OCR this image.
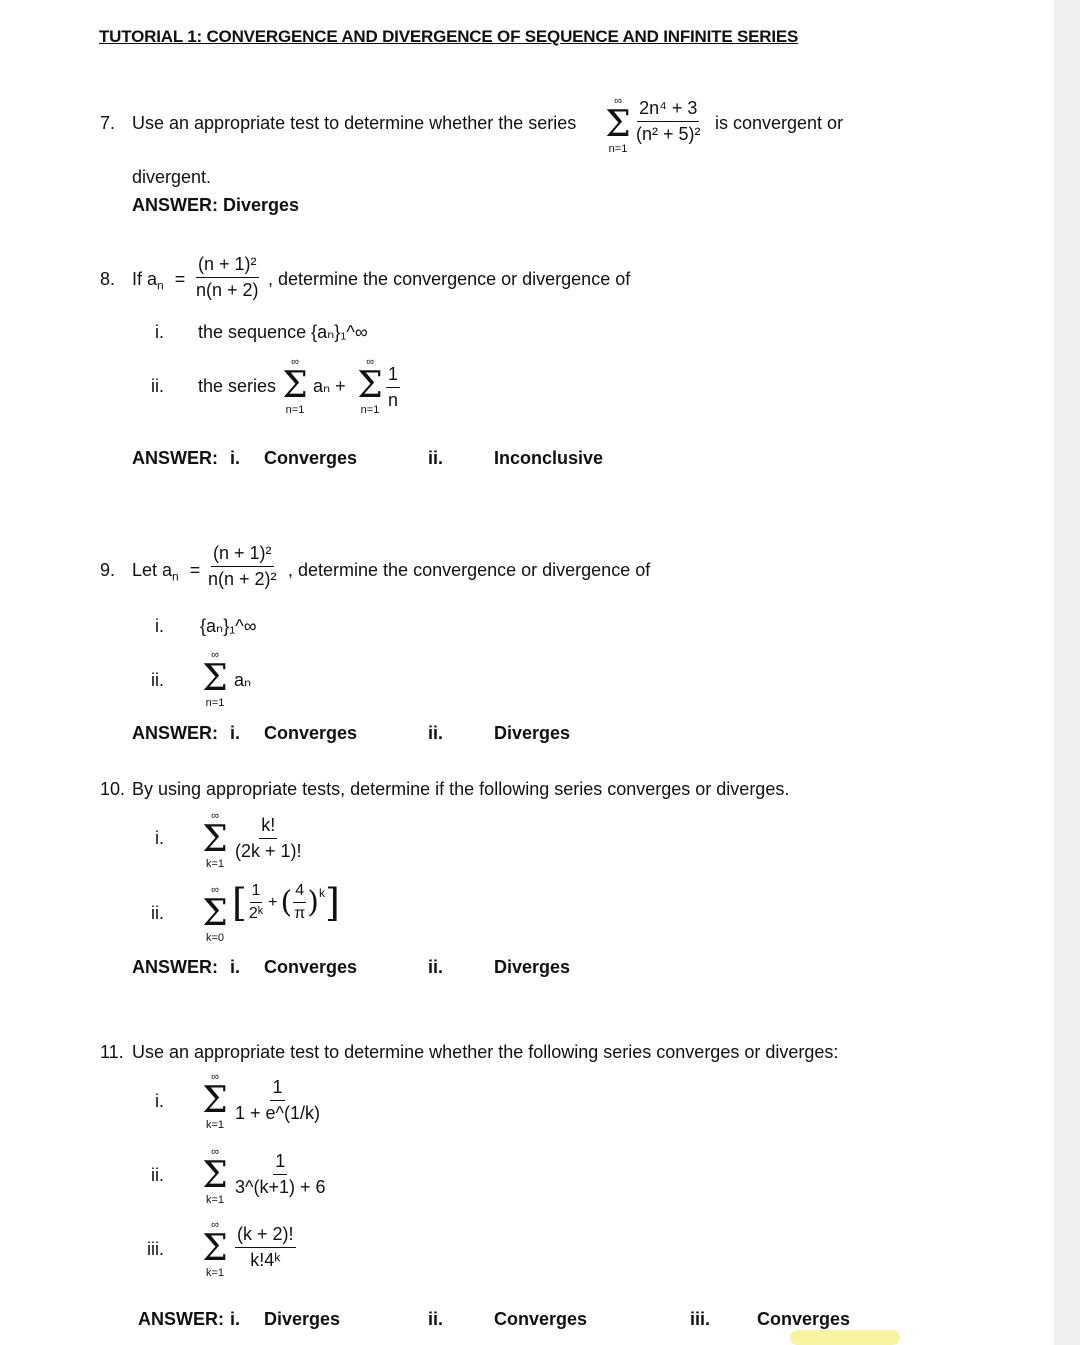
TUTORIAL 1: CONVERGENCE AND DIVERGENCE OF SEQUENCE AND INFINITE SERIES
7. Use an appropriate test to determine whether the series
∞
Σ
n=1
$\frac{\text{2n⁴ + 3}}{\text{(n² + 5)²}}$ is convergent or
divergent.
ANSWER: Diverges
8. If $a_n = \frac{\text{(n + 1)²}}{n(n + 2)}$ , determine the convergence or divergence of
i. the sequence {aₙ}₁^∞
ii. the series
∞
Σ
n=1
aₙ +
∞
Σ
$n=1 \frac{1}{n}$
ANSWER: i. Converges	ii.	Inconclusive
9. Let $a_n = \frac{\text{(n + 1)²}}{\text{n(n + 2)²}}$ , determine the convergence or divergence of
i. {aₙ}₁^∞
ii.
∞
Σ
n=1
aₙ
ANSWER: i. Converges	ii.	Diverges
10. By using appropriate tests, determine if the following series converges or diverges.
i.
∞
Σ
k=1
$\frac{k!}{(2k + 1)!}$
ii.
∞
Σ
k=0
[ $\frac{1}{\text{2ᵏ}}$ + ( $\frac{4}{\pi} )^k$ ]
ANSWER: i. Converges	ii.	Diverges
11. Use an appropriate test to determine whether the following series converges or diverges:
i.
∞
Σ
k=1
$\frac{1}{1 + e\^{}(1/k)}$
ii.
∞
Σ
k=1
$\frac{1}{3\^{}(k+1) + 6}$
iii.
∞
Σ
k=1
$\frac{(k + 2)!}{\text{k!4ᵏ}}$
ANSWER: i. Diverges	ii.	Converges	iii.	Converges
